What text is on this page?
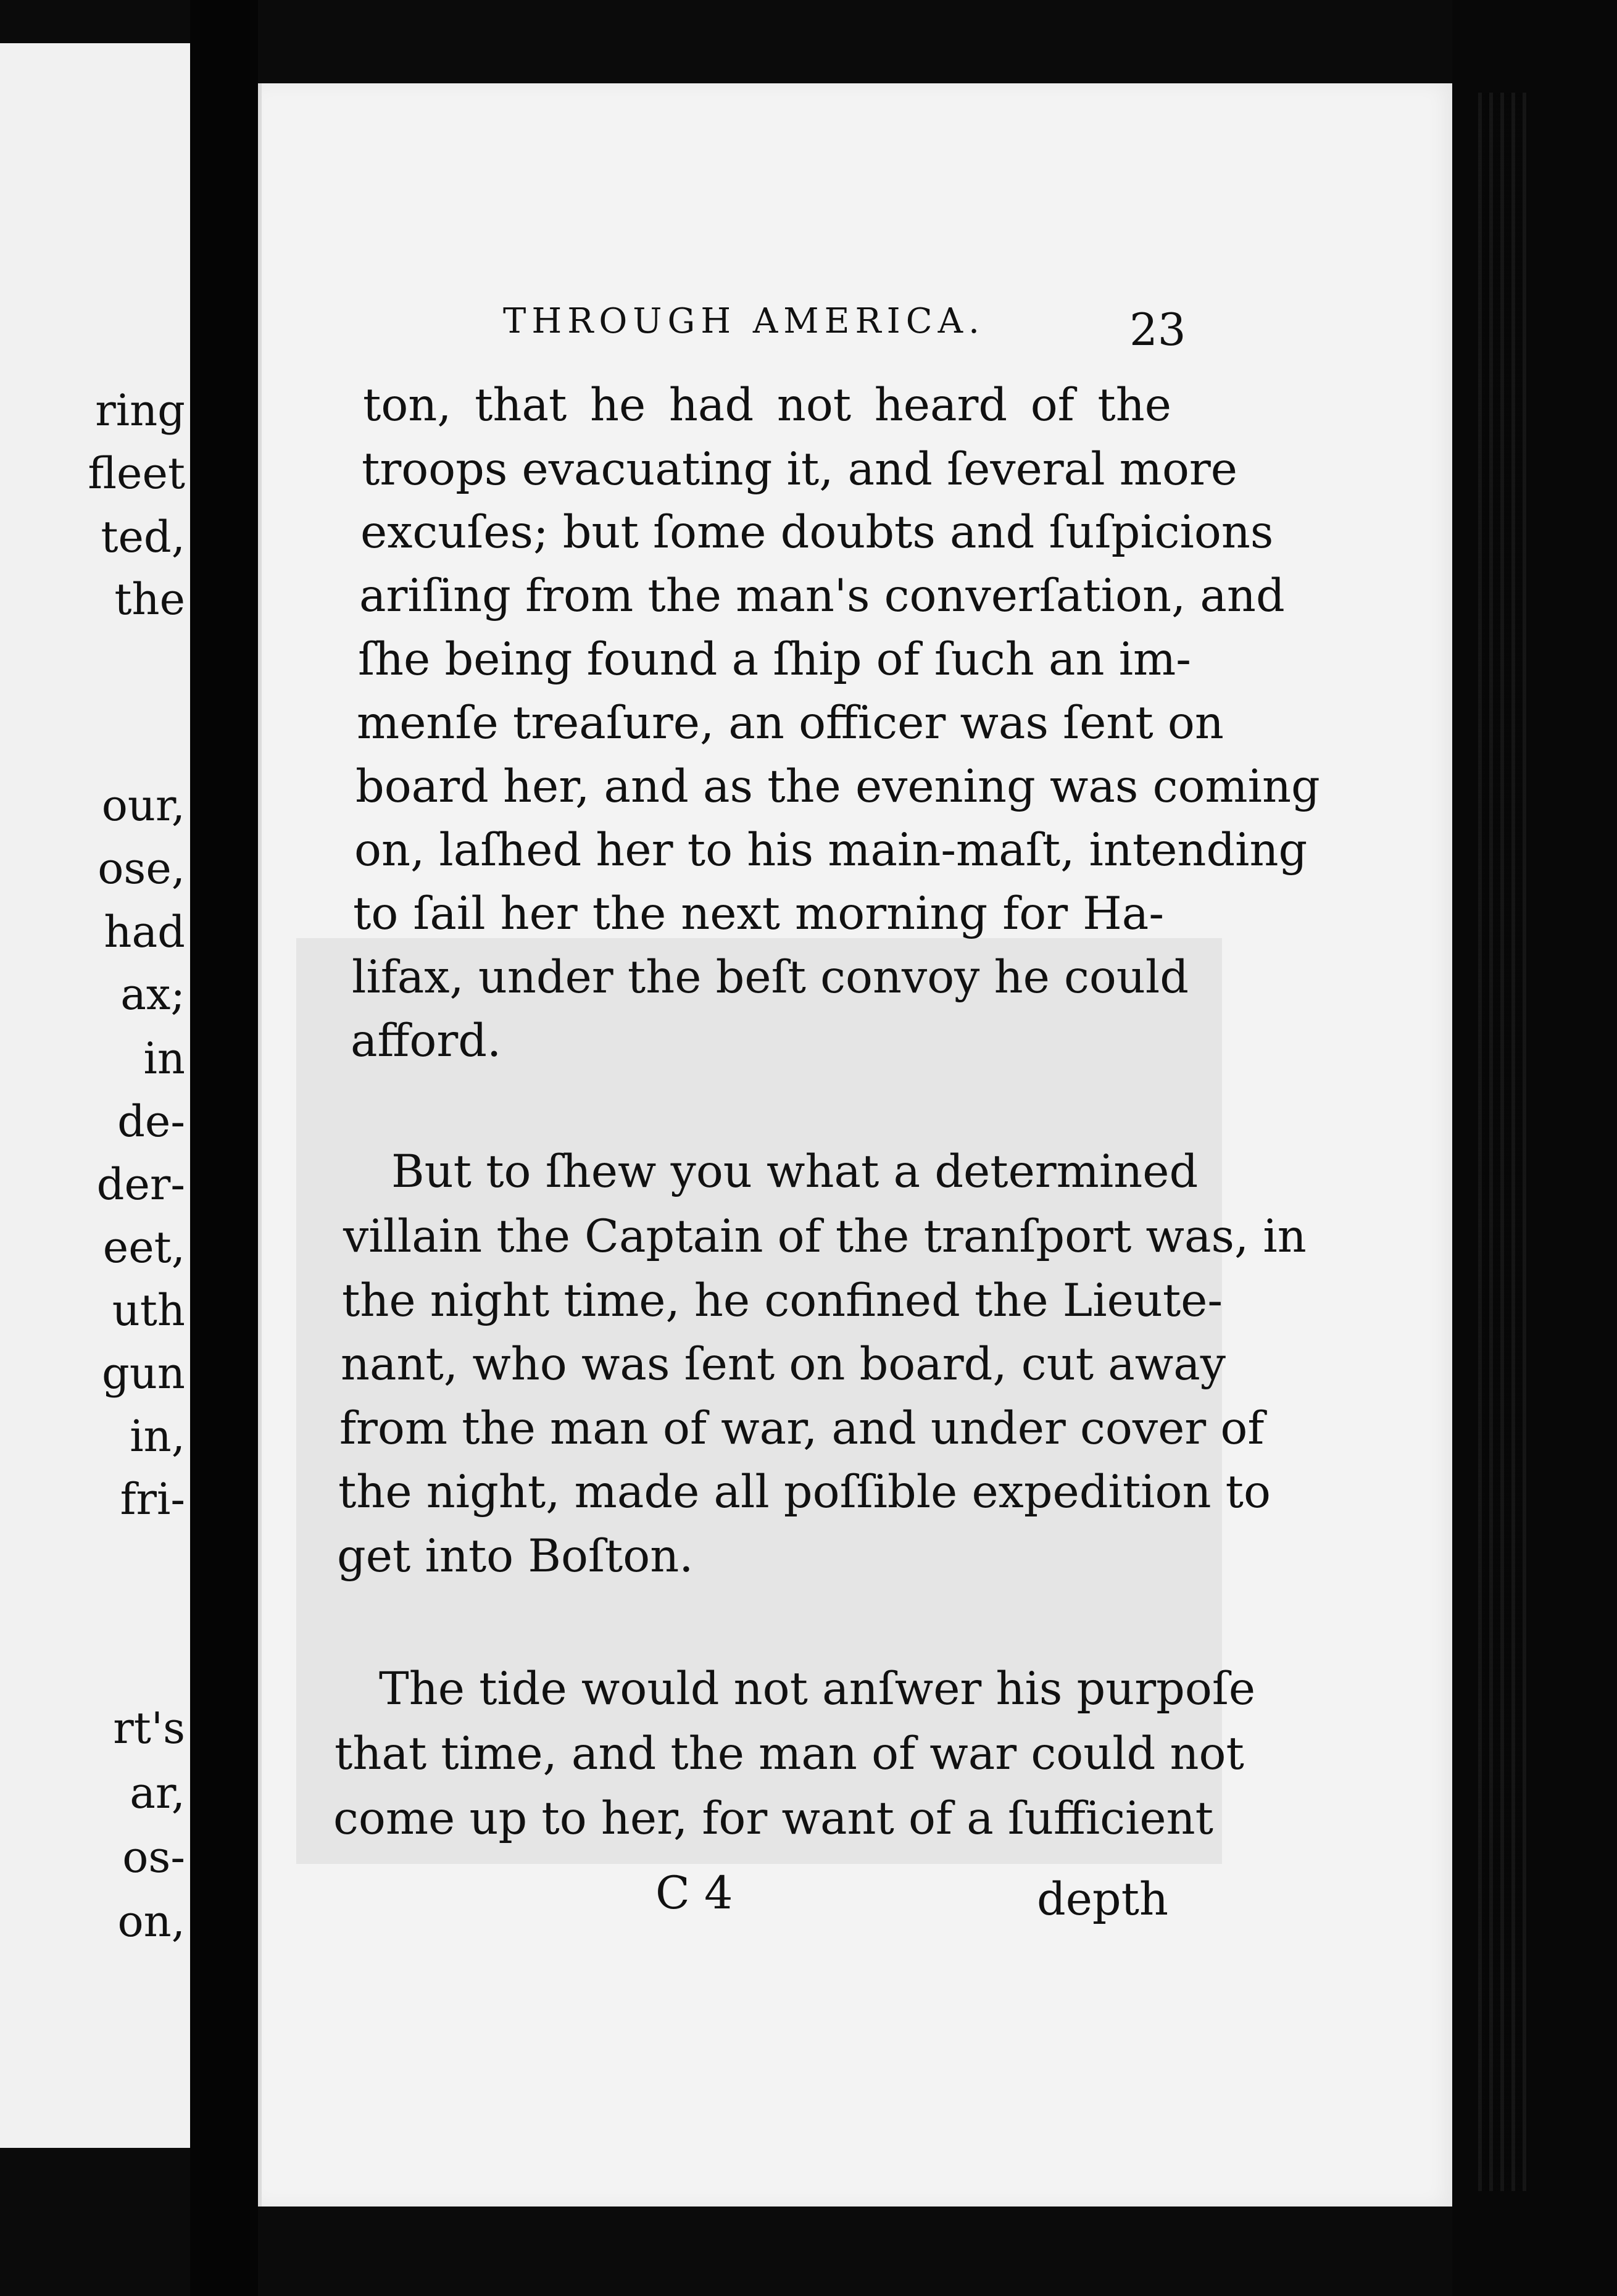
ring
fleet
ted,
the
our,
ose,
had
ax;
in
de-
der-
eet,
uth
gun
in,
fri-
rt's
ar,
os-
on,
THROUGH AMERICA.	23
ton, that he had not heard of the
troops evacuating it, and ſeveral more
excuſes; but ſome doubts and ſuſpicions
ariſing from the man's converſation, and
ſhe being found a ſhip of ſuch an im-
menſe treaſure, an officer was ſent on
board her, and as the evening was coming
on, laſhed her to his main-maſt, intending
to ſail her the next morning for Ha-
lifax, under the beſt convoy he could
afford.
But to ſhew you what a determined
villain the Captain of the tranſport was, in
the night time, he confined the Lieute-
nant, who was ſent on board, cut away
from the man of war, and under cover of
the night, made all poſſible expedition to
get into Boſton.
The tide would not anſwer his purpoſe
that time, and the man of war could not
come up to her, for want of a ſufficient
C 4	depth
